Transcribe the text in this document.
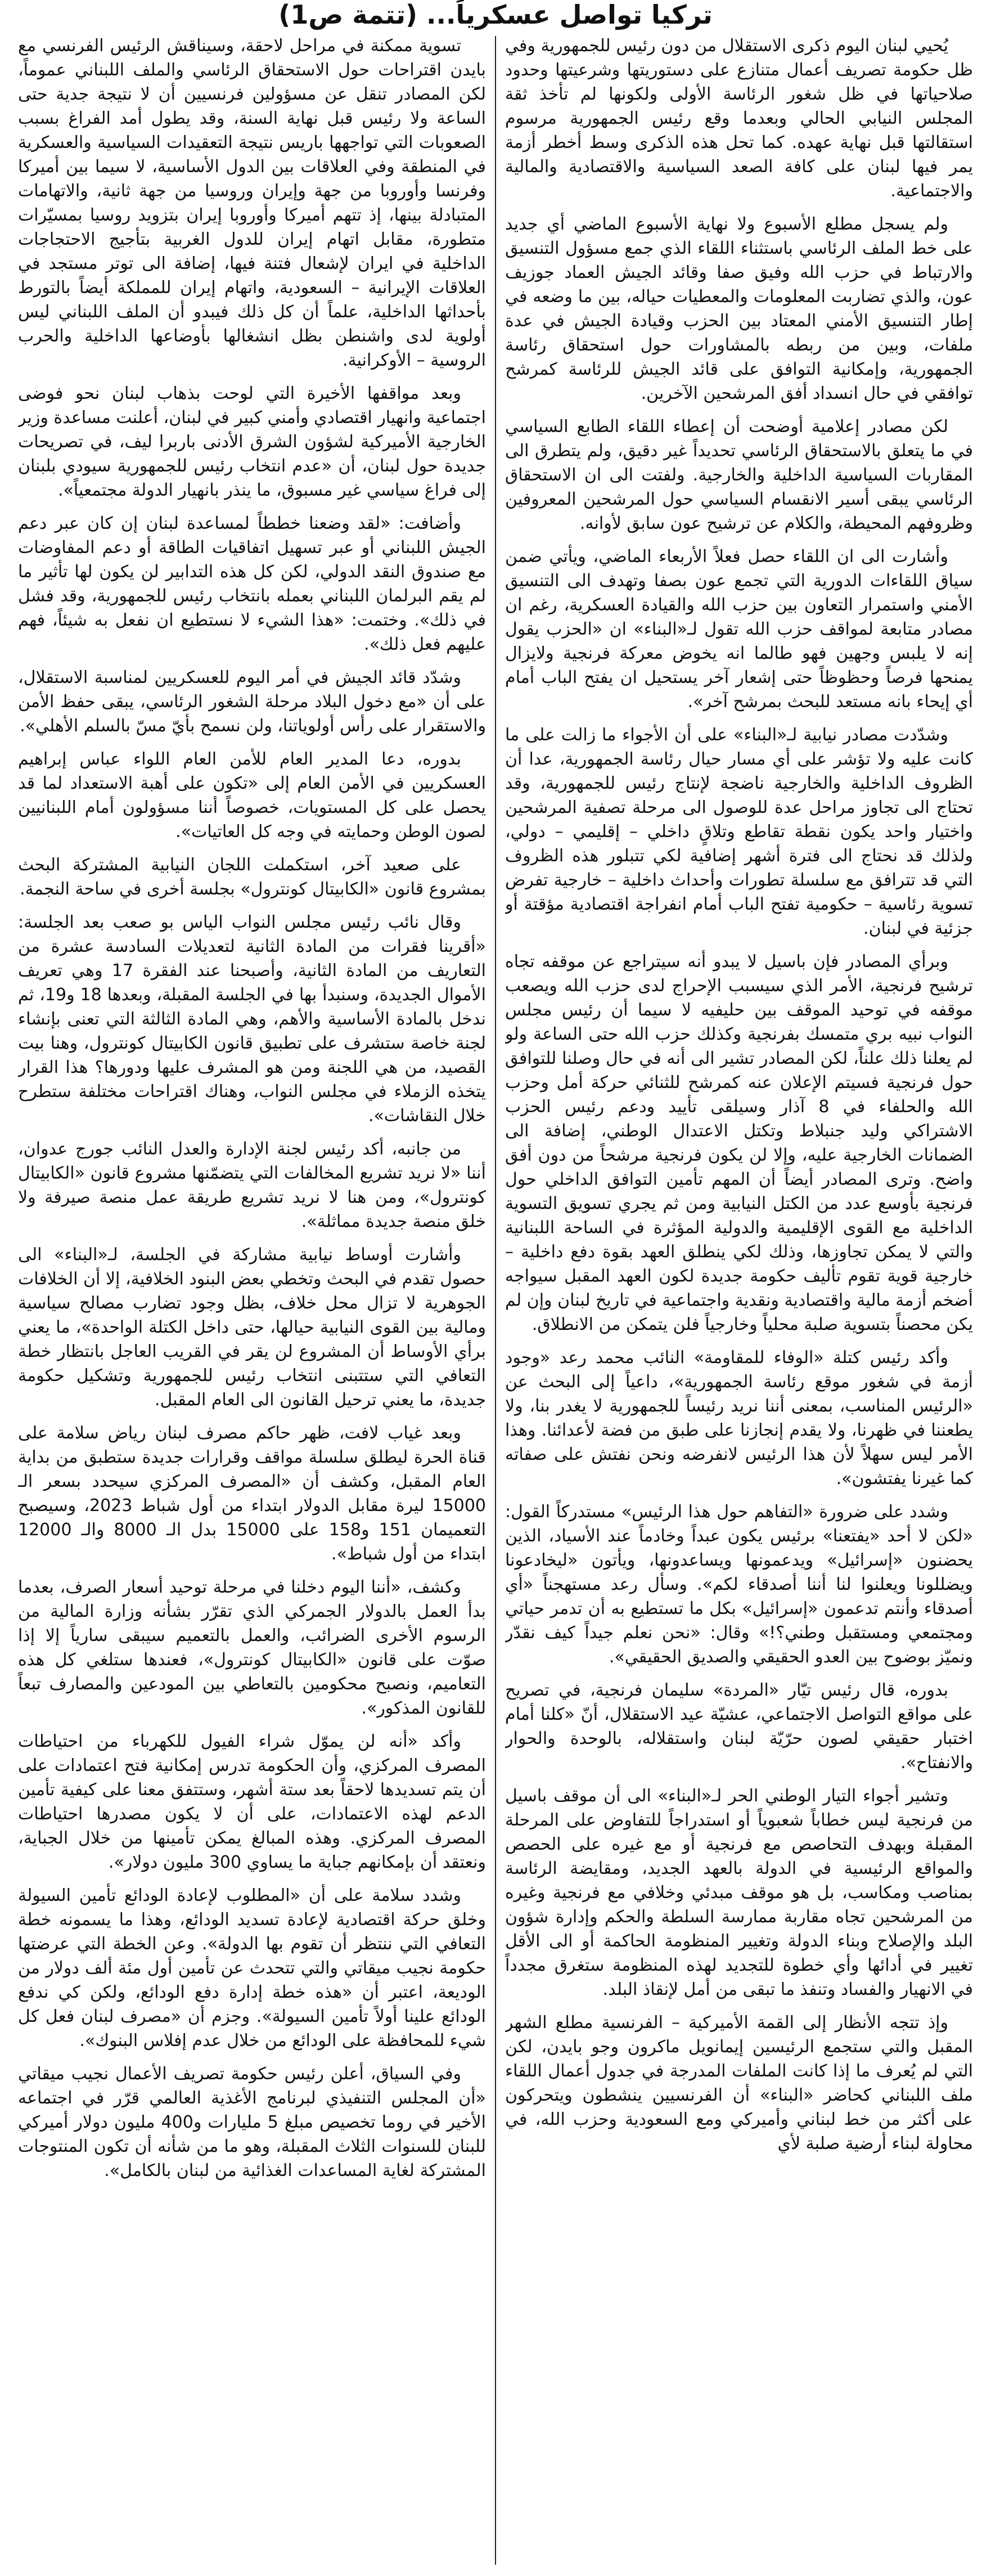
تركيا تواصل عسكرياً... (تتمة ص1)

يُحيي لبنان اليوم ذكرى الاستقلال من دون رئيس للجمهورية وفي ظل حكومة تصريف أعمال متنازع على دستوريتها وشرعيتها وحدود صلاحياتها في ظل شغور الرئاسة الأولى ولكونها لم تأخذ ثقة المجلس النيابي الحالي وبعدما وقع رئيس الجمهورية مرسوم استقالتها قبل نهاية عهده. كما تحل هذه الذكرى وسط أخطر أزمة يمر فيها لبنان على كافة الصعد السياسية والاقتصادية والمالية والاجتماعية.

ولم يسجل مطلع الأسبوع ولا نهاية الأسبوع الماضي أي جديد على خط الملف الرئاسي باستثناء اللقاء الذي جمع مسؤول التنسيق والارتباط في حزب الله وفيق صفا وقائد الجيش العماد جوزيف عون، والذي تضاربت المعلومات والمعطيات حياله، بين ما وضعه في إطار التنسيق الأمني المعتاد بين الحزب وقيادة الجيش في عدة ملفات، وبين من ربطه بالمشاورات حول استحقاق رئاسة الجمهورية، وإمكانية التوافق على قائد الجيش للرئاسة كمرشح توافقي في حال انسداد أفق المرشحين الآخرين.

لكن مصادر إعلامية أوضحت أن إعطاء اللقاء الطابع السياسي في ما يتعلق بالاستحقاق الرئاسي تحديداً غير دقيق، ولم يتطرق الى المقاربات السياسية الداخلية والخارجية. ولفتت الى ان الاستحقاق الرئاسي يبقى أسير الانقسام السياسي حول المرشحين المعروفين وظروفهم المحيطة، والكلام عن ترشيح عون سابق لأوانه.

وأشارت الى ان اللقاء حصل فعلاً الأربعاء الماضي، ويأتي ضمن سياق اللقاءات الدورية التي تجمع عون بصفا وتهدف الى التنسيق الأمني واستمرار التعاون بين حزب الله والقيادة العسكرية، رغم ان مصادر متابعة لمواقف حزب الله تقول لـ«البناء» ان «الحزب يقول إنه لا يلبس وجهين فهو طالما انه يخوض معركة فرنجية ولايزال يمنحها فرصاً وحظوظاً حتى إشعار آخر يستحيل ان يفتح الباب أمام أي إيحاء بانه مستعد للبحث بمرشح آخر».

وشدّدت مصادر نيابية لـ«البناء» على أن الأجواء ما زالت على ما كانت عليه ولا تؤشر على أي مسار حيال رئاسة الجمهورية، عدا أن الظروف الداخلية والخارجية ناضجة لإنتاج رئيس للجمهورية، وقد تحتاج الى تجاوز مراحل عدة للوصول الى مرحلة تصفية المرشحين واختيار واحد يكون نقطة تقاطع وتلاقٍ داخلي – إقليمي – دولي، ولذلك قد نحتاج الى فترة أشهر إضافية لكي تتبلور هذه الظروف التي قد تترافق مع سلسلة تطورات وأحداث داخلية – خارجية تفرض تسوية رئاسية – حكومية تفتح الباب أمام انفراجة اقتصادية مؤقتة أو جزئية في لبنان.

وبرأي المصادر فإن باسيل لا يبدو أنه سيتراجع عن موقفه تجاه ترشيح فرنجية، الأمر الذي سيسبب الإحراج لدى حزب الله ويصعب موقفه في توحيد الموقف بين حليفيه لا سيما أن رئيس مجلس النواب نبيه بري متمسك بفرنجية وكذلك حزب الله حتى الساعة ولو لم يعلنا ذلك علناً، لكن المصادر تشير الى أنه في حال وصلنا للتوافق حول فرنجية فسيتم الإعلان عنه كمرشح للثنائي حركة أمل وحزب الله والحلفاء في 8 آذار وسيلقى تأييد ودعم رئيس الحزب الاشتراكي وليد جنبلاط وتكتل الاعتدال الوطني، إضافة الى الضمانات الخارجية عليه، وإلا لن يكون فرنجية مرشحاً من دون أفق واضح. وترى المصادر أيضاً أن المهم تأمين التوافق الداخلي حول فرنجية بأوسع عدد من الكتل النيابية ومن ثم يجري تسويق التسوية الداخلية مع القوى الإقليمية والدولية المؤثرة في الساحة اللبنانية والتي لا يمكن تجاوزها، وذلك لكي ينطلق العهد بقوة دفع داخلية – خارجية قوية تقوم تأليف حكومة جديدة لكون العهد المقبل سيواجه أضخم أزمة مالية واقتصادية ونقدية واجتماعية في تاريخ لبنان وإن لم يكن محصناً بتسوية صلبة محلياً وخارجياً فلن يتمكن من الانطلاق.

وأكد رئيس كتلة «الوفاء للمقاومة» النائب محمد رعد «وجود أزمة في شغور موقع رئاسة الجمهورية»، داعياً إلى البحث عن «الرئيس المناسب، بمعنى أننا نريد رئيساً للجمهورية لا يغدر بنا، ولا يطعننا في ظهرنا، ولا يقدم إنجازنا على طبق من فضة لأعدائنا. وهذا الأمر ليس سهلاً لأن هذا الرئيس لانفرضه ونحن نفتش على صفاته كما غيرنا يفتشون».

وشدد على ضرورة «التفاهم حول هذا الرئيس» مستدركاً القول: «لكن لا أحد «يفتعنا» برئيس يكون عبداً وخادماً عند الأسياد، الذين يحضنون «إسرائيل» ويدعمونها ويساعدونها، ويأتون «ليخادعونا ويضللونا ويعلنوا لنا أننا أصدقاء لكم». وسأل رعد مستهجناً «أي أصدقاء وأنتم تدعمون «إسرائيل» بكل ما تستطيع به أن تدمر حياتي ومجتمعي ومستقبل وطني؟!» وقال: «نحن نعلم جيداً كيف نقدّر ونميّز بوضوح بين العدو الحقيقي والصديق الحقيقي».

بدوره، قال رئيس تيّار «المردة» سليمان فرنجية، في تصريح على مواقع التواصل الاجتماعي، عشيّة عيد الاستقلال، أنّ «كلنا أمام اختبار حقيقي لصون حرّيّة لبنان واستقلاله، بالوحدة والحوار والانفتاح».

وتشير أجواء التيار الوطني الحر لـ«البناء» الى أن موقف باسيل من فرنجية ليس خطاباً شعبوياً أو استدراجاً للتفاوض على المرحلة المقبلة وبهدف التحاصص مع فرنجية أو مع غيره على الحصص والمواقع الرئيسية في الدولة بالعهد الجديد، ومقايضة الرئاسة بمناصب ومكاسب، بل هو موقف مبدئي وخلافي مع فرنجية وغيره من المرشحين تجاه مقاربة ممارسة السلطة والحكم وإدارة شؤون البلد والإصلاح وبناء الدولة وتغيير المنظومة الحاكمة أو الى الأقل تغيير في أدائها وأي خطوة للتجديد لهذه المنظومة ستغرق مجدداً في الانهيار والفساد وتنفذ ما تبقى من أمل لإنقاذ البلد.

وإذ تتجه الأنظار إلى القمة الأميركية – الفرنسية مطلع الشهر المقبل والتي ستجمع الرئيسين إيمانويل ماكرون وجو بايدن، لكن التي لم يُعرف ما إذا كانت الملفات المدرجة في جدول أعمال اللقاء ملف اللبناني كحاضر «البناء» أن الفرنسيين ينشطون ويتحركون على أكثر من خط لبناني وأميركي ومع السعودية وحزب الله، في محاولة لبناء أرضية صلبة لأي

تسوية ممكنة في مراحل لاحقة، وسيناقش الرئيس الفرنسي مع بايدن اقتراحات حول الاستحقاق الرئاسي والملف اللبناني عموماً، لكن المصادر تنقل عن مسؤولين فرنسيين أن لا نتيجة جدية حتى الساعة ولا رئيس قبل نهاية السنة، وقد يطول أمد الفراغ بسبب الصعوبات التي تواجهها باريس نتيجة التعقيدات السياسية والعسكرية في المنطقة وفي العلاقات بين الدول الأساسية، لا سيما بين أميركا وفرنسا وأوروبا من جهة وإيران وروسيا من جهة ثانية، والاتهامات المتبادلة بينها، إذ تتهم أميركا وأوروبا إيران بتزويد روسيا بمسيّرات متطورة، مقابل اتهام إيران للدول الغربية بتأجيج الاحتجاجات الداخلية في ايران لإشعال فتنة فيها، إضافة الى توتر مستجد في العلاقات الإيرانية – السعودية، واتهام إيران للمملكة أيضاً بالتورط بأحداثها الداخلية، علماً أن كل ذلك فيبدو أن الملف اللبناني ليس أولوية لدى واشنطن بظل انشغالها بأوضاعها الداخلية والحرب الروسية – الأوكرانية.

وبعد مواقفها الأخيرة التي لوحت بذهاب لبنان نحو فوضى اجتماعية وانهيار اقتصادي وأمني كبير في لبنان، أعلنت مساعدة وزير الخارجية الأميركية لشؤون الشرق الأدنى باربرا ليف، في تصريحات جديدة حول لبنان، أن «عدم انتخاب رئيس للجمهورية سيودي بلبنان إلى فراغ سياسي غير مسبوق، ما ينذر بانهيار الدولة مجتمعياً».

وأضافت: «لقد وضعنا خططاً لمساعدة لبنان إن كان عبر دعم الجيش اللبناني أو عبر تسهيل اتفاقيات الطاقة أو دعم المفاوضات مع صندوق النقد الدولي، لكن كل هذه التدابير لن يكون لها تأثير ما لم يقم البرلمان اللبناني بعمله بانتخاب رئيس للجمهورية، وقد فشل في ذلك». وختمت: «هذا الشيء لا نستطيع ان نفعل به شيئاً، فهم عليهم فعل ذلك».

وشدّد قائد الجيش في أمر اليوم للعسكريين لمناسبة الاستقلال، على أن «مع دخول البلاد مرحلة الشغور الرئاسي، يبقى حفظ الأمن والاستقرار على رأس أولوياتنا، ولن نسمح بأيّ مسّ بالسلم الأهلي».

بدوره، دعا المدير العام للأمن العام اللواء عباس إبراهيم العسكريين في الأمن العام إلى «تكون على أهبة الاستعداد لما قد يحصل على كل المستويات، خصوصاً أننا مسؤولون أمام اللبنانيين لصون الوطن وحمايته في وجه كل العاتيات».

على صعيد آخر، استكملت اللجان النيابية المشتركة البحث بمشروع قانون «الكابيتال كونترول» بجلسة أخرى في ساحة النجمة.

وقال نائب رئيس مجلس النواب الياس بو صعب بعد الجلسة: «أقرينا فقرات من المادة الثانية لتعديلات السادسة عشرة من التعاريف من المادة الثانية، وأصبحنا عند الفقرة 17 وهي تعريف الأموال الجديدة، وسنبدأ بها في الجلسة المقبلة، وبعدها 18 و19، ثم ندخل بالمادة الأساسية والأهم، وهي المادة الثالثة التي تعنى بإنشاء لجنة خاصة ستشرف على تطبيق قانون الكابيتال كونترول، وهنا بيت القصيد، من هي اللجنة ومن هو المشرف عليها ودورها؟ هذا القرار يتخذه الزملاء في مجلس النواب، وهناك اقتراحات مختلفة ستطرح خلال النقاشات».

من جانبه، أكد رئيس لجنة الإدارة والعدل النائب جورج عدوان، أننا «لا نريد تشريع المخالفات التي يتضمّنها مشروع قانون «الكابيتال كونترول»، ومن هنا لا نريد تشريع طريقة عمل منصة صيرفة ولا خلق منصة جديدة مماثلة».

وأشارت أوساط نيابية مشاركة في الجلسة، لـ«البناء» الى حصول تقدم في البحث وتخطي بعض البنود الخلافية، إلا أن الخلافات الجوهرية لا تزال محل خلاف، بظل وجود تضارب مصالح سياسية ومالية بين القوى النيابية حيالها، حتى داخل الكتلة الواحدة»، ما يعني برأي الأوساط أن المشروع لن يقر في القريب العاجل بانتظار خطة التعافي التي ستتبنى انتخاب رئيس للجمهورية وتشكيل حكومة جديدة، ما يعني ترحيل القانون الى العام المقبل.

وبعد غياب لافت، ظهر حاكم مصرف لبنان رياض سلامة على قناة الحرة ليطلق سلسلة مواقف وقرارات جديدة ستطبق من بداية العام المقبل، وكشف أن «المصرف المركزي سيحدد بسعر الـ 15000 ليرة مقابل الدولار ابتداء من أول شباط 2023، وسيصبح التعميمان 151 و158 على 15000 بدل الـ 8000 والـ 12000 ابتداء من أول شباط».

وكشف، «أننا اليوم دخلنا في مرحلة توحيد أسعار الصرف، بعدما بدأ العمل بالدولار الجمركي الذي تقرّر بشأنه وزارة المالية من الرسوم الأخرى الضرائب، والعمل بالتعميم سيبقى سارياً إلا إذا صوّت على قانون «الكابيتال كونترول»، فعندها ستلغي كل هذه التعاميم، ونصبح محكومين بالتعاطي بين المودعين والمصارف تبعاً للقانون المذكور».

وأكد «أنه لن يموّل شراء الفيول للكهرباء من احتياطات المصرف المركزي، وأن الحكومة تدرس إمكانية فتح اعتمادات على أن يتم تسديدها لاحقاً بعد ستة أشهر، وستتفق معنا على كيفية تأمين الدعم لهذه الاعتمادات، على أن لا يكون مصدرها احتياطات المصرف المركزي. وهذه المبالغ يمكن تأمينها من خلال الجباية، ونعتقد أن بإمكانهم جباية ما يساوي 300 مليون دولار».

وشدد سلامة على أن «المطلوب لإعادة الودائع تأمين السيولة وخلق حركة اقتصادية لإعادة تسديد الودائع، وهذا ما يسمونه خطة التعافي التي ننتظر أن تقوم بها الدولة». وعن الخطة التي عرضتها حكومة نجيب ميقاتي والتي تتحدث عن تأمين أول مئة ألف دولار من الوديعة، اعتبر أن «هذه خطة إدارة دفع الودائع، ولكن كي ندفع الودائع علينا أولاً تأمين السيولة». وجزم أن «مصرف لبنان فعل كل شيء للمحافظة على الودائع من خلال عدم إفلاس البنوك».

وفي السياق، أعلن رئيس حكومة تصريف الأعمال نجيب ميقاتي «أن المجلس التنفيذي لبرنامج الأغذية العالمي قرّر في اجتماعه الأخير في روما تخصيص مبلغ 5 مليارات و400 مليون دولار أميركي للبنان للسنوات الثلاث المقبلة، وهو ما من شأنه أن تكون المنتوجات المشتركة لغاية المساعدات الغذائية من لبنان بالكامل».
